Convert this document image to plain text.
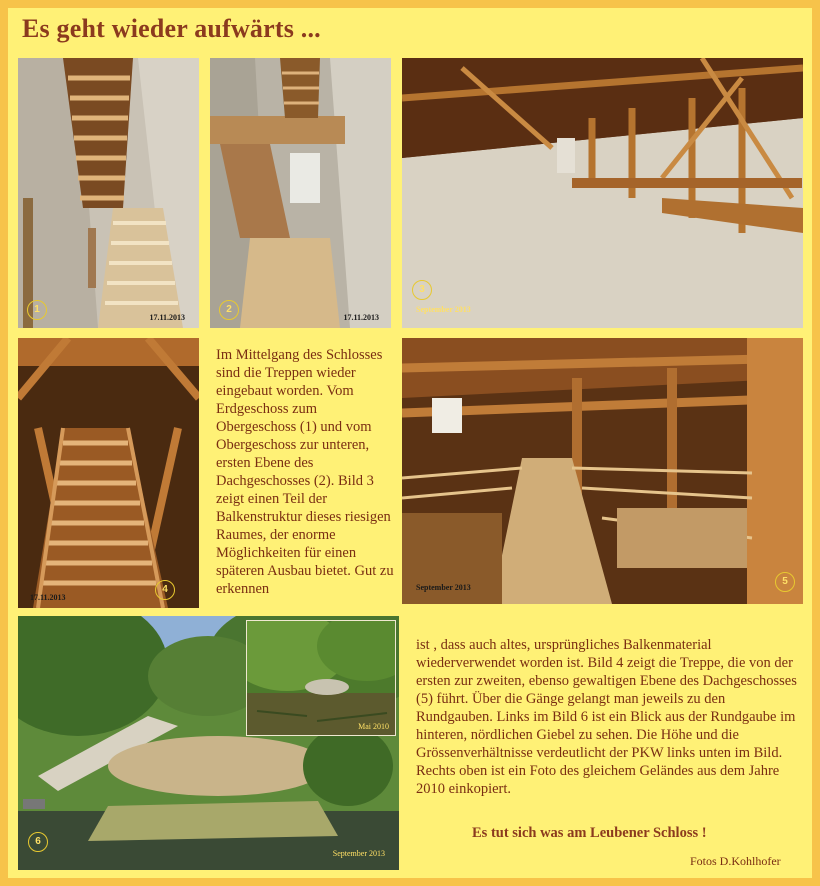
Es geht wieder aufwärts ...
1
17.11.2013
2
17.11.2013
3
September 2013
4
17.11.2013
5
September 2013
Mai 2010
6
September 2013
Im Mittelgang des Schlosses sind die Treppen wieder eingebaut worden. Vom Erdgeschoss zum Obergeschoss (1) und vom Obergeschoss zur unteren, ersten Ebene des Dachgeschosses (2). Bild 3 zeigt einen Teil der Balkenstruktur dieses riesigen Raumes, der enorme Möglichkeiten für einen späteren Ausbau bietet. Gut zu erkennen
ist , dass auch altes, ursprüngliches Balkenmaterial wiederverwendet worden ist. Bild 4 zeigt die Treppe, die von der ersten zur zweiten, ebenso gewaltigen Ebene des Dachgeschosses (5) führt. Über die Gänge gelangt man jeweils zu den Rundgauben. Links im Bild 6 ist ein Blick aus der Rundgaube im hinteren, nördlichen Giebel zu sehen. Die Höhe und die Grössenverhältnisse verdeutlicht der PKW links unten im Bild. Rechts oben ist ein Foto des gleichem Geländes aus dem Jahre 2010 einkopiert.
Es tut sich was am Leubener Schloss !
Fotos D.Kohlhofer
